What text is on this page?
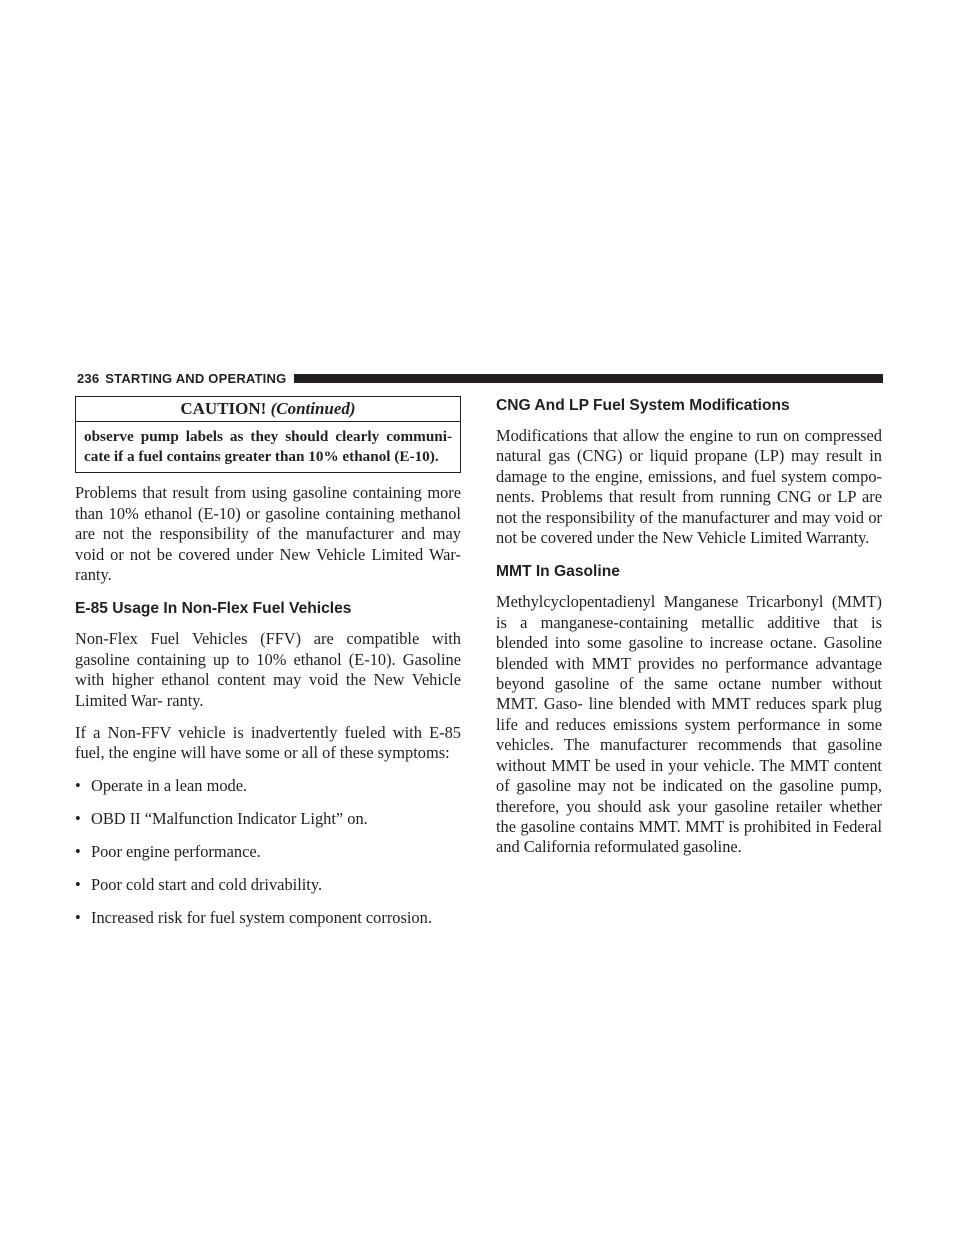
236 STARTING AND OPERATING
CAUTION! (Continued)
observe pump labels as they should clearly communi- cate if a fuel contains greater than 10% ethanol (E-10).

Problems that result from using gasoline containing more than 10% ethanol (E-10) or gasoline containing methanol are not the responsibility of the manufacturer and may void or not be covered under New Vehicle Limited War- ranty.

E-85 Usage In Non-Flex Fuel Vehicles

Non-Flex Fuel Vehicles (FFV) are compatible with gasoline containing up to 10% ethanol (E-10). Gasoline with higher ethanol content may void the New Vehicle Limited War- ranty.

If a Non-FFV vehicle is inadvertently fueled with E-85 fuel, the engine will have some or all of these symptoms:

• Operate in a lean mode.
• OBD II “Malfunction Indicator Light” on.
• Poor engine performance.
• Poor cold start and cold drivability.
• Increased risk for fuel system component corrosion.
CNG And LP Fuel System Modifications

Modifications that allow the engine to run on compressed natural gas (CNG) or liquid propane (LP) may result in damage to the engine, emissions, and fuel system compo- nents. Problems that result from running CNG or LP are not the responsibility of the manufacturer and may void or not be covered under the New Vehicle Limited Warranty.

MMT In Gasoline

Methylcyclopentadienyl Manganese Tricarbonyl (MMT) is a manganese-containing metallic additive that is blended into some gasoline to increase octane. Gasoline blended with MMT provides no performance advantage beyond gasoline of the same octane number without MMT. Gaso- line blended with MMT reduces spark plug life and reduces emissions system performance in some vehicles. The manufacturer recommends that gasoline without MMT be used in your vehicle. The MMT content of gasoline may not be indicated on the gasoline pump, therefore, you should ask your gasoline retailer whether the gasoline contains MMT. MMT is prohibited in Federal and California reformulated gasoline.
